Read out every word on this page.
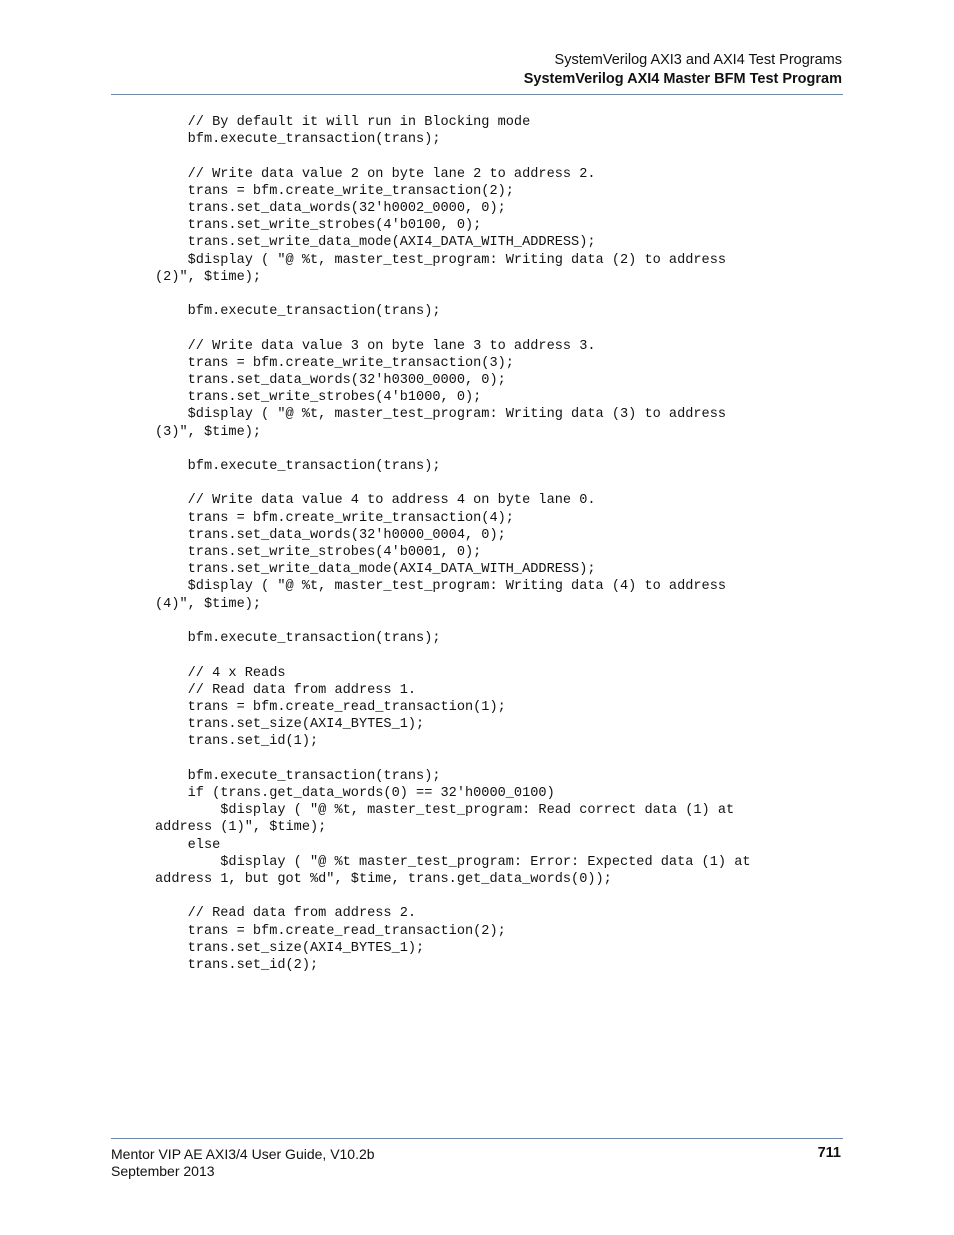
SystemVerilog AXI3 and AXI4 Test Programs
SystemVerilog AXI4 Master BFM Test Program
// By default it will run in Blocking mode
bfm.execute_transaction(trans);

// Write data value 2 on byte lane 2 to address 2.
trans = bfm.create_write_transaction(2);
trans.set_data_words(32'h0002_0000, 0);
trans.set_write_strobes(4'b0100, 0);
trans.set_write_data_mode(AXI4_DATA_WITH_ADDRESS);
$display ( "@ %t, master_test_program: Writing data (2) to address
(2)", $time);

bfm.execute_transaction(trans);

// Write data value 3 on byte lane 3 to address 3.
trans = bfm.create_write_transaction(3);
trans.set_data_words(32'h0300_0000, 0);
trans.set_write_strobes(4'b1000, 0);
$display ( "@ %t, master_test_program: Writing data (3) to address
(3)", $time);

bfm.execute_transaction(trans);

// Write data value 4 to address 4 on byte lane 0.
trans = bfm.create_write_transaction(4);
trans.set_data_words(32'h0000_0004, 0);
trans.set_write_strobes(4'b0001, 0);
trans.set_write_data_mode(AXI4_DATA_WITH_ADDRESS);
$display ( "@ %t, master_test_program: Writing data (4) to address
(4)", $time);

bfm.execute_transaction(trans);

// 4 x Reads
// Read data from address 1.
trans = bfm.create_read_transaction(1);
trans.set_size(AXI4_BYTES_1);
trans.set_id(1);

bfm.execute_transaction(trans);
if (trans.get_data_words(0) == 32'h0000_0100)
$display ( "@ %t, master_test_program: Read correct data (1) at
address (1)", $time);
else
$display ( "@ %t master_test_program: Error: Expected data (1) at
address 1, but got %d", $time, trans.get_data_words(0));

// Read data from address 2.
trans = bfm.create_read_transaction(2);
trans.set_size(AXI4_BYTES_1);
trans.set_id(2);
Mentor VIP AE AXI3/4 User Guide, V10.2b
September 2013
711
